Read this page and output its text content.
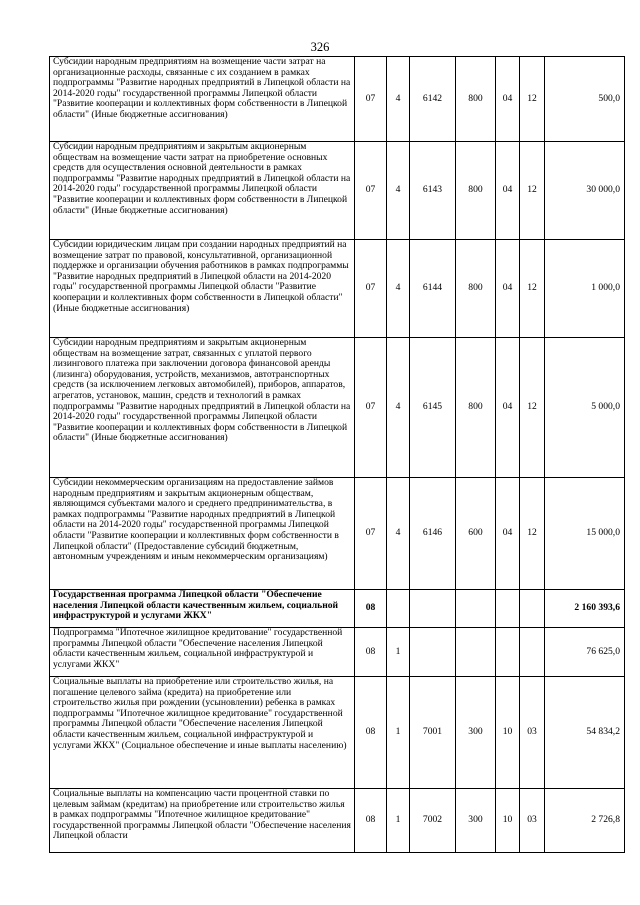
326
Субсидии народным предприятиям на возмещение части затрат на организационные расходы, связанные с их созданием в рамках подпрограммы "Развитие народных предприятий в Липецкой области на 2014-2020 годы" государственной программы Липецкой области "Развитие кооперации и коллективных форм собственности в Липецкой области" (Иные бюджетные ассигнования)	07	4	6142	800	04	12	500,0
Субсидии народным предприятиям и закрытым акционерным обществам на возмещение части затрат на приобретение основных средств для осуществления основной деятельности в рамках подпрограммы "Развитие народных предприятий в Липецкой области на 2014-2020 годы" государственной программы Липецкой области "Развитие кооперации и коллективных форм собственности в Липецкой области" (Иные бюджетные ассигнования)	07	4	6143	800	04	12	30 000,0
Субсидии юридическим лицам при создании народных предприятий на возмещение затрат по правовой, консультативной, организационной поддержке и организации обучения работников в рамках подпрограммы "Развитие народных предприятий в Липецкой области на 2014-2020 годы" государственной программы Липецкой области "Развитие кооперации и коллективных форм собственности в Липецкой области" (Иные бюджетные ассигнования)	07	4	6144	800	04	12	1 000,0
Субсидии народным предприятиям и закрытым акционерным обществам на возмещение затрат, связанных с уплатой первого лизингового платежа при заключении договора финансовой аренды (лизинга) оборудования, устройств, механизмов, автотранспортных средств (за исключением легковых автомобилей), приборов, аппаратов, агрегатов, установок, машин, средств и технологий в рамках подпрограммы "Развитие народных предприятий в Липецкой области на 2014-2020 годы" государственной программы Липецкой области "Развитие кооперации и коллективных форм собственности в Липецкой области" (Иные бюджетные ассигнования)	07	4	6145	800	04	12	5 000,0
Субсидии некоммерческим организациям на предоставление займов народным предприятиям и закрытым акционерным обществам, являющимся субъектами малого и среднего предпринимательства, в рамках подпрограммы "Развитие народных предприятий в Липецкой области на 2014-2020 годы" государственной программы Липецкой области "Развитие кооперации и коллективных форм собственности в Липецкой области" (Предоставление субсидий бюджетным, автономным учреждениям и иным некоммерческим организациям)	07	4	6146	600	04	12	15 000,0
Государственная программа Липецкой области "Обеспечение населения Липецкой области качественным жильем, социальной инфраструктурой и услугами ЖКХ"	08						2 160 393,6
Подпрограмма "Ипотечное жилищное кредитование" государственной программы Липецкой области "Обеспечение населения Липецкой области качественным жильем, социальной инфраструктурой и услугами ЖКХ"	08	1					76 625,0
Социальные выплаты на приобретение или строительство жилья, на погашение целевого займа (кредита) на приобретение или строительство жилья при рождении (усыновлении) ребенка в рамках подпрограммы "Ипотечное жилищное кредитование" государственной программы Липецкой области "Обеспечение населения Липецкой области качественным жильем, социальной инфраструктурой и услугами ЖКХ" (Социальное обеспечение и иные выплаты населению)	08	1	7001	300	10	03	54 834,2
Социальные выплаты на компенсацию части процентной ставки по целевым займам (кредитам) на приобретение или строительство жилья в рамках подпрограммы "Ипотечное жилищное кредитование" государственной программы Липецкой области "Обеспечение населения Липецкой области	08	1	7002	300	10	03	2 726,8
